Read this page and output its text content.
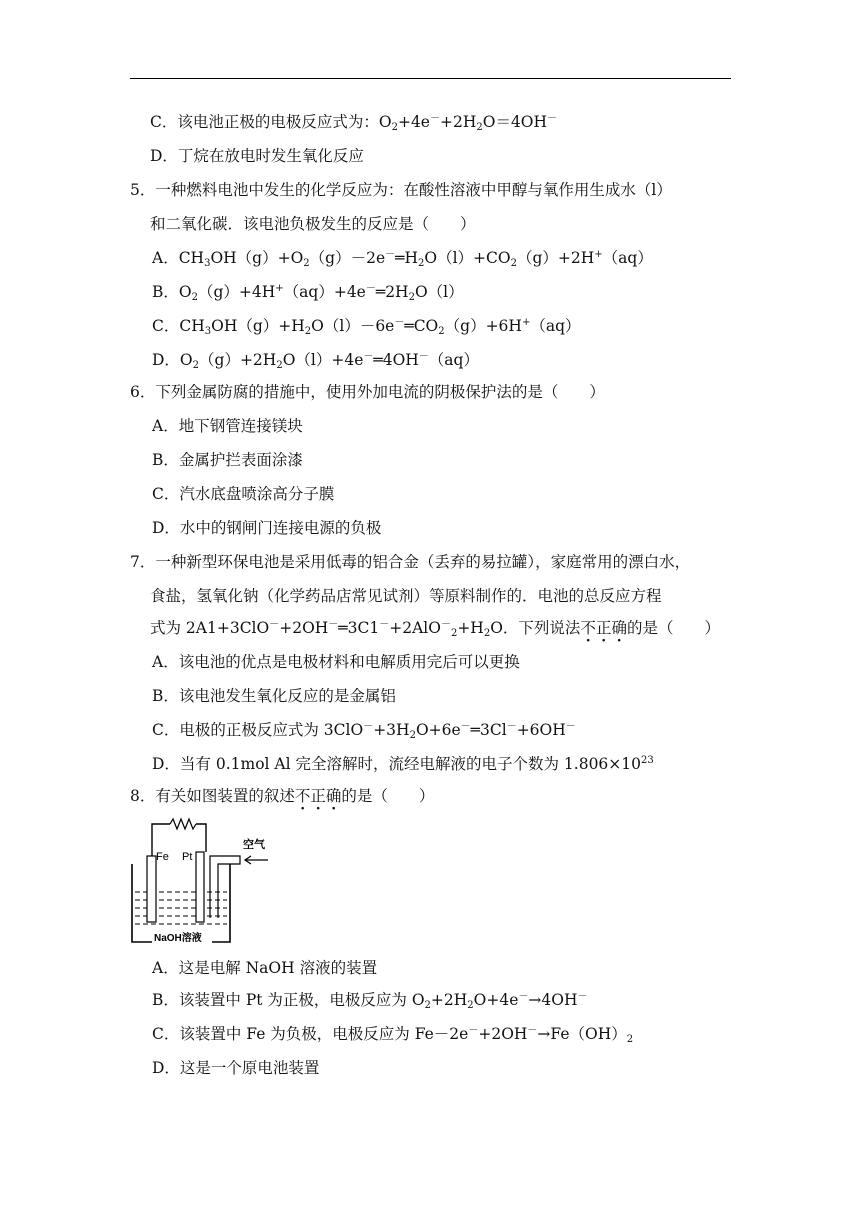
C．该电池正极的电极反应式为：$O_2+4e^-+2H_2O=4OH^-$
D．丁烷在放电时发生氧化反应
5．一种燃料电池中发生的化学反应为：在酸性溶液中甲醇与氧作用生成水（l）
和二氧化碳．该电池负极发生的反应是（　　）
A．$CH_3OH(g)+O_2(g)-2e^-═H_2O(l)+CO_2(g)+2H^+(aq)$
B．$O_2(g)+4H^+(aq)+4e^-═2H_2O(l)$
C．$CH_3OH(g)+H_2O(l)-6e^-═CO_2(g)+6H^+(aq)$
D．$O_2(g)+2H_2O(l)+4e^-═4OH^-(aq)$
6．下列金属防腐的措施中，使用外加电流的阴极保护法的是（　　）
A．地下钢管连接镁块
B．金属护拦表面涂漆
C．汽水底盘喷涂高分子膜
D．水中的钢闸门连接电源的负极
7．一种新型环保电池是采用低毒的铝合金（丢弃的易拉罐），家庭常用的漂白水，
食盐，氢氧化钠（化学药品店常见试剂）等原料制作的．电池的总反应方程
式为 $2A1+3ClO^-+2OH^-═3C1^-+2AlO^-_2+H_2O$．下列说法不正确的是（　　）
A．该电池的优点是电极材料和电解质用完后可以更换
B．该电池发生氧化反应的是金属铝
C．电极的正极反应式为 $3ClO^-+3H_2O+6e^-═3Cl^-+6OH^-$
D．当有 0.1mol Al 完全溶解时，流经电解液的电子个数为 $1.806\times 10^{23}$
8．有关如图装置的叙述不正确的是（　　）
Fe Pt
空气
NaOH溶液
A．这是电解 NaOH 溶液的装置
B．该装置中 Pt 为正极，电极反应为 $O_2+2H_2O+4e^-\to 4OH^-$
C．该装置中 Fe 为负极，电极反应为 $Fe-2e^-+2OH^-\to Fe(OH)_2$
D．这是一个原电池装置
